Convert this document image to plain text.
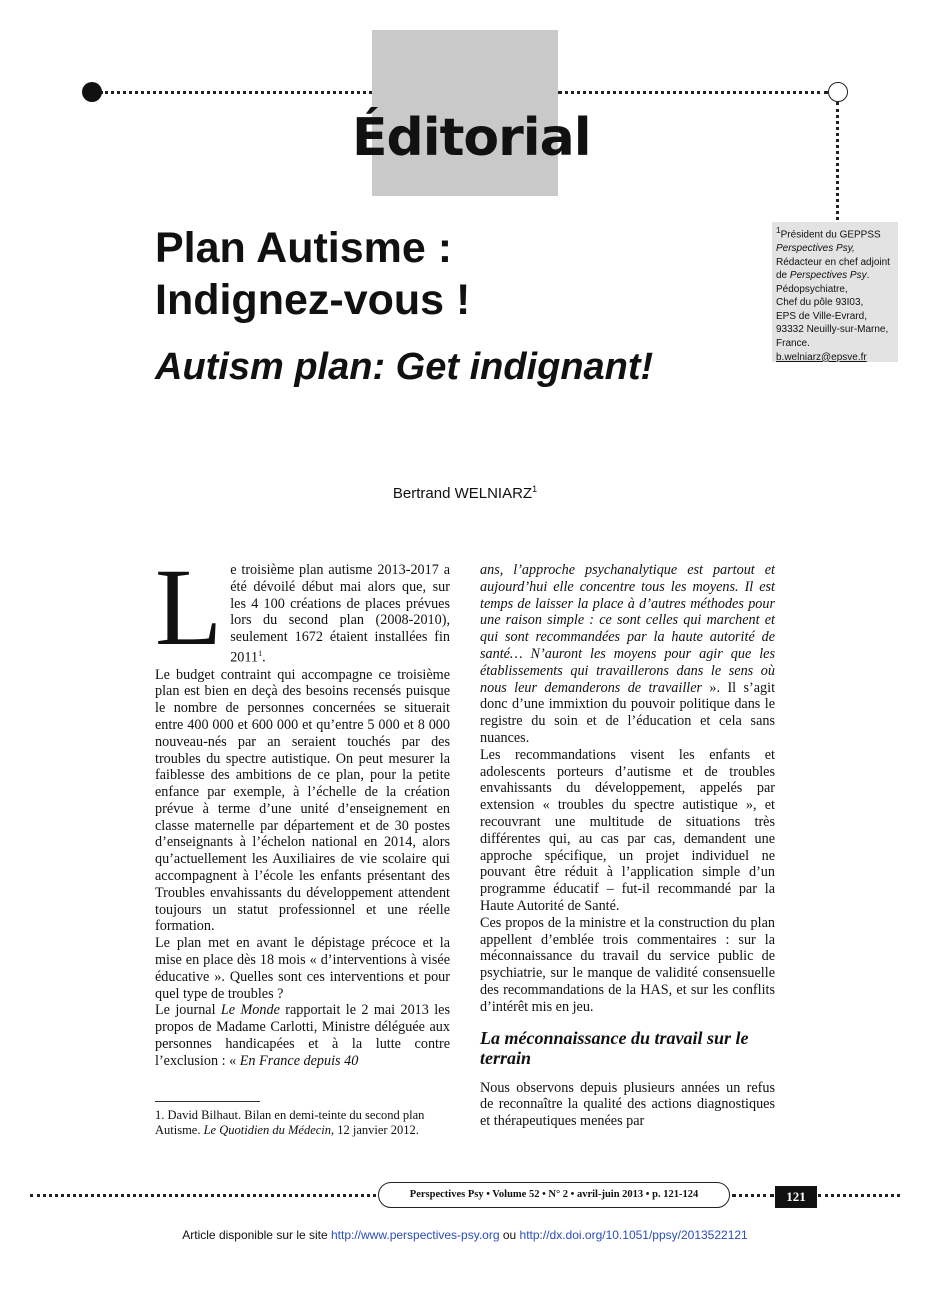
Éditorial
Plan Autisme :
Indignez-vous !
Autism plan: Get indignant!
$^1$Président du GEPPSS
Perspectives Psy,
Rédacteur en chef adjoint
de Perspectives Psy.
Pédopsychiatre,
Chef du pôle 93I03,
EPS de Ville-Evrard,
93332 Neuilly-sur-Marne,
France.
b.welniarz@epsve.fr
Bertrand WELNIARZ$^1$

Le troisième plan autisme 2013-2017 a été dévoilé début mai alors que, sur les 4 100 créations de places prévues lors du second plan (2008-2010), seulement 1672 étaient installées fin 2011$^1$.

Le budget contraint qui accompagne ce troisième plan est bien en deçà des besoins recensés puisque le nombre de personnes concernées se situerait entre 400 000 et 600 000 et qu’entre 5 000 et 8 000 nouveau-nés par an seraient touchés par des troubles du spectre autistique. On peut mesurer la faiblesse des ambitions de ce plan, pour la petite enfance par exemple, à l’échelle de la création prévue à terme d’une unité d’enseignement en classe maternelle par département et de 30 postes d’enseignants à l’échelon national en 2014, alors qu’actuellement les Auxiliaires de vie scolaire qui accompagnent à l’école les enfants présentant des Troubles envahissants du développement attendent toujours un statut professionnel et une réelle formation.

Le plan met en avant le dépistage précoce et la mise en place dès 18 mois « d’interventions à visée éducative ». Quelles sont ces interventions et pour quel type de troubles ?

Le journal Le Monde rapportait le 2 mai 2013 les propos de Madame Carlotti, Ministre déléguée aux personnes handicapées et à la lutte contre l’exclusion : « En France depuis 40

ans, l’approche psychanalytique est partout et aujourd’hui elle concentre tous les moyens. Il est temps de laisser la place à d’autres méthodes pour une raison simple : ce sont celles qui marchent et qui sont recommandées par la haute autorité de santé… N’auront les moyens pour agir que les établissements qui travaillerons dans le sens où nous leur demanderons de travailler ». Il s’agit donc d’une immixtion du pouvoir politique dans le registre du soin et de l’éducation et cela sans nuances.

Les recommandations visent les enfants et adolescents porteurs d’autisme et de troubles envahissants du développement, appelés par extension « troubles du spectre autistique », et recouvrant une multitude de situations très différentes qui, au cas par cas, demandent une approche spécifique, un projet individuel ne pouvant être réduit à l’application simple d’un programme éducatif – fut-il recommandé par la Haute Autorité de Santé.

Ces propos de la ministre et la construction du plan appellent d’emblée trois commentaires : sur la méconnaissance du travail du service public de psychiatrie, sur le manque de validité consensuelle des recommandations de la HAS, et sur les conflits d’intérêt mis en jeu.

La méconnaissance du travail sur le terrain

Nous observons depuis plusieurs années un refus de reconnaître la qualité des actions diagnostiques et thérapeutiques menées par

1. David Bilhaut. Bilan en demi-teinte du second plan Autisme. Le Quotidien du Médecin, 12 janvier 2012.
Perspectives Psy • Volume 52 • N° 2 • avril-juin 2013 • p. 121-124	121
Article disponible sur le site http://www.perspectives-psy.org ou http://dx.doi.org/10.1051/ppsy/2013522121
